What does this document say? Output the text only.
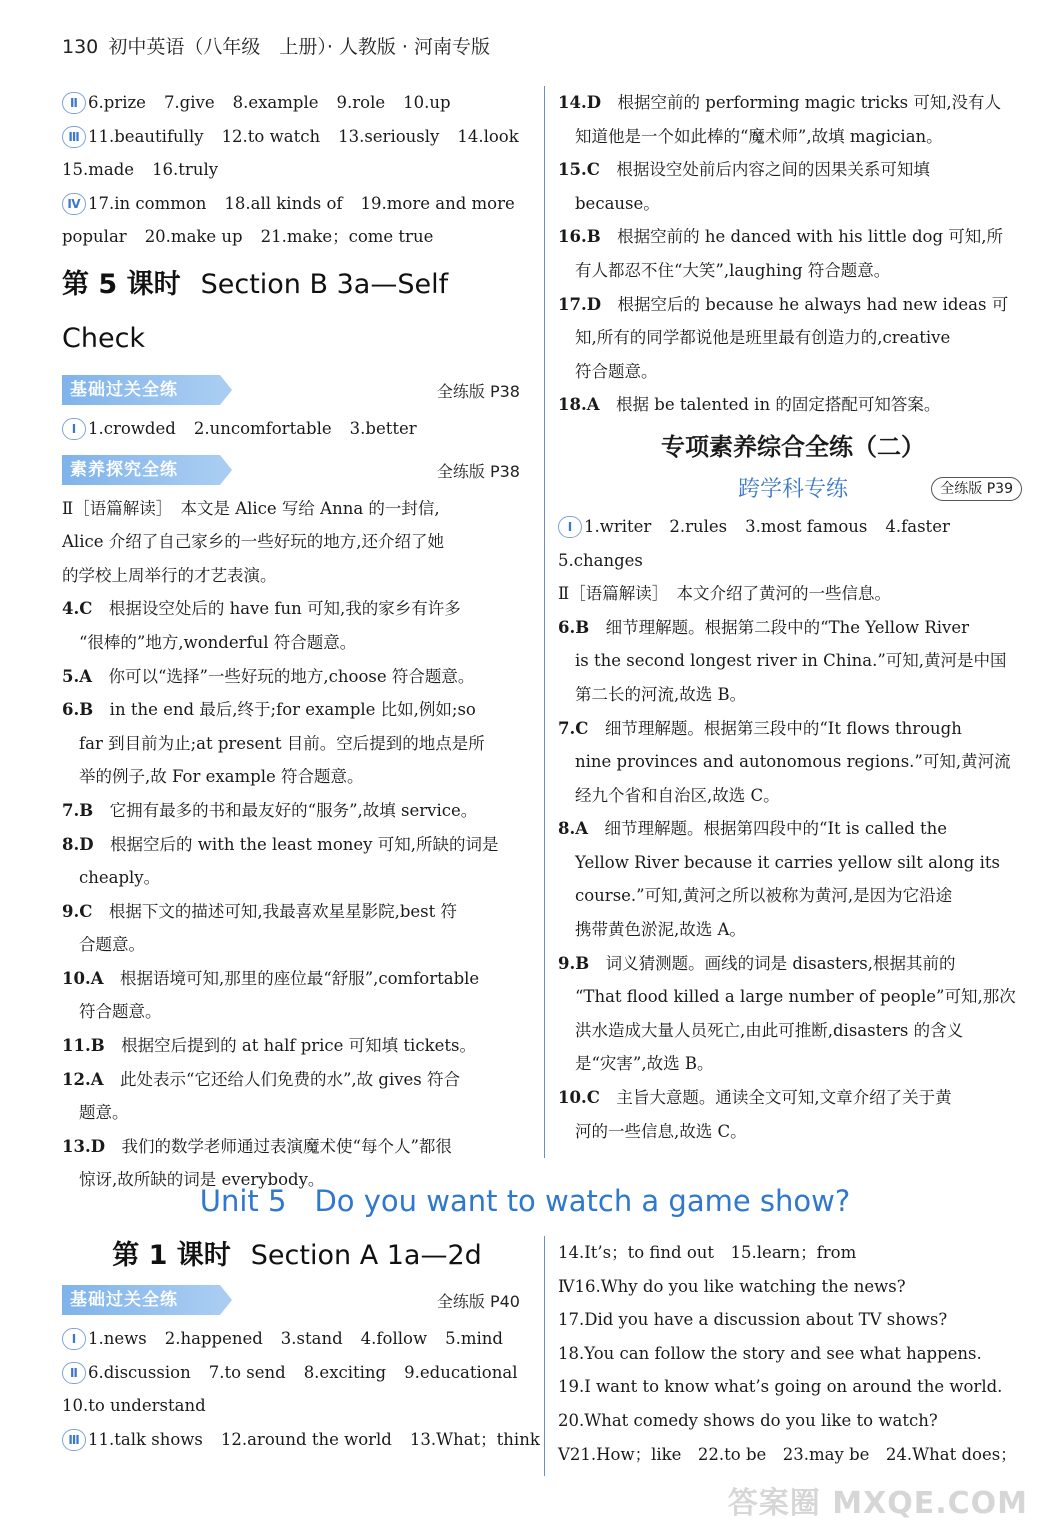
130 初中英语（八年级　上册）· 人教版 · 河南专版
Ⅱ 6.prize 7.give 8.example 9.role 10.up
Ⅲ 11.beautifully 12.to watch 13.seriously 14.look
15.made 16.truly
Ⅳ 17.in common 18.all kinds of 19.more and more
popular 20.make up 21.make；come true
第 5 课时 Section B 3a—Self Check
基础过关全练	全练版 P38
Ⅰ 1.crowded 2.uncomfortable 3.better
素养探究全练	全练版 P38
Ⅱ［语篇解读］　本文是 Alice 写给 Anna 的一封信,
Alice 介绍了自己家乡的一些好玩的地方,还介绍了她
的学校上周举行的才艺表演。
4.C　 根据设空处后的 have fun 可知,我的家乡有许多
“很棒的”地方,wonderful 符合题意。
5.A　 你可以“选择”一些好玩的地方,choose 符合题意。
6.B　 in the end 最后,终于;for example 比如,例如;so
far 到目前为止;at present 目前。空后提到的地点是所
举的例子,故 For example 符合题意。
7.B　 它拥有最多的书和最友好的“服务”,故填 service。
8.D　 根据空后的 with the least money 可知,所缺的词是
cheaply。
9.C　 根据下文的描述可知,我最喜欢星星影院,best 符
合题意。
10.A　 根据语境可知,那里的座位最“舒服”,comfortable
符合题意。
11.B　 根据空后提到的 at half price 可知填 tickets。
12.A　 此处表示“它还给人们免费的水”,故 gives 符合
题意。
13.D　 我们的数学老师通过表演魔术使“每个人”都很
惊讶,故所缺的词是 everybody。
14.D　 根据空前的 performing magic tricks 可知,没有人
知道他是一个如此棒的“魔术师”,故填 magician。
15.C　 根据设空处前后内容之间的因果关系可知填
because。
16.B　 根据空前的 he danced with his little dog 可知,所
有人都忍不住“大笑”,laughing 符合题意。
17.D　 根据空后的 because he always had new ideas 可
知,所有的同学都说他是班里最有创造力的,creative
符合题意。
18.A　 根据 be talented in 的固定搭配可知答案。
专项素养综合全练（二）
跨学科专练	全练版 P39
Ⅰ 1.writer 2.rules 3.most famous 4.faster
5.changes
Ⅱ［语篇解读］　本文介绍了黄河的一些信息。
6.B　 细节理解题。根据第二段中的“The Yellow River
is the second longest river in China.”可知,黄河是中国
第二长的河流,故选 B。
7.C　 细节理解题。根据第三段中的“It flows through
nine provinces and autonomous regions.”可知,黄河流
经九个省和自治区,故选 C。
8.A　 细节理解题。根据第四段中的“It is called the
Yellow River because it carries yellow silt along its
course.”可知,黄河之所以被称为黄河,是因为它沿途
携带黄色淤泥,故选 A。
9.B　 词义猜测题。画线的词是 disasters,根据其前的
“That flood killed a large number of people”可知,那次
洪水造成大量人员死亡,由此可推断,disasters 的含义
是“灾害”,故选 B。
10.C　 主旨大意题。通读全文可知,文章介绍了关于黄
河的一些信息,故选 C。
Unit 5 Do you want to watch a game show?
第 1 课时 Section A 1a—2d
基础过关全练	全练版 P40
Ⅰ 1.news 2.happened 3.stand 4.follow 5.mind
Ⅱ 6.discussion 7.to send 8.exciting 9.educational
10.to understand
Ⅲ 11.talk shows 12.around the world 13.What；think
14.It’s；to find out　15.learn；from
Ⅳ16.Why do you like watching the news?
17.Did you have a discussion about TV shows?
18.You can follow the story and see what happens.
19.I want to know what’s going on around the world.
20.What comedy shows do you like to watch?
Ⅴ21.How；like　22.to be　23.may be　24.What does；
答案圈 MXQE.COM
